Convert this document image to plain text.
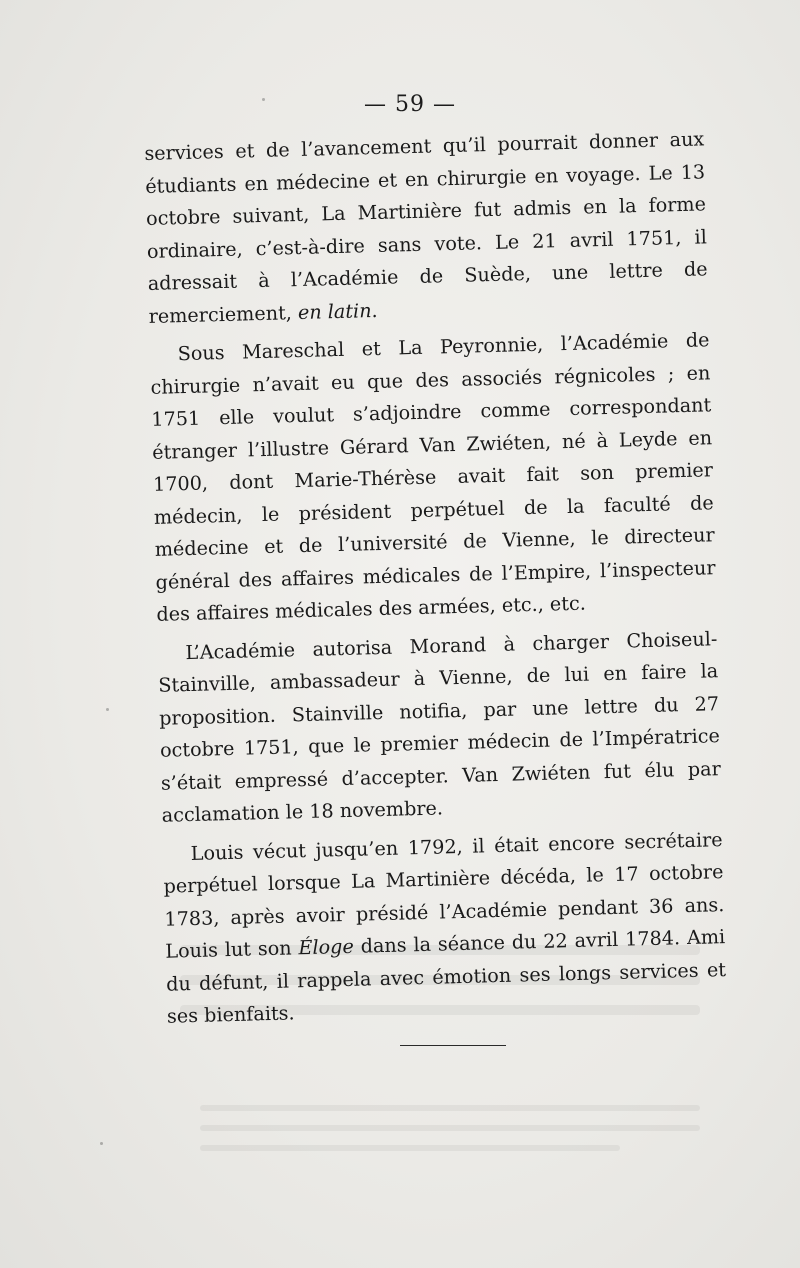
— 59 —

services et de l’avancement qu’il pourrait donner aux étudiants en médecine et en chirurgie en voyage. Le 13 octobre suivant, La Martinière fut admis en la forme ordinaire, c’est-à-dire sans vote. Le 21 avril 1751, il adressait à l’Académie de Suède, une lettre de remerciement, en latin.

Sous Mareschal et La Peyronnie, l’Académie de chirurgie n’avait eu que des associés régnicoles ; en 1751 elle voulut s’adjoindre comme correspondant étranger l’illustre Gérard Van Zwiéten, né à Leyde en 1700, dont Marie-Thérèse avait fait son premier médecin, le président perpétuel de la faculté de médecine et de l’université de Vienne, le directeur général des affaires médicales de l’Empire, l’inspecteur des affaires médicales des armées, etc., etc.

L’Académie autorisa Morand à charger Choiseul-Stainville, ambassadeur à Vienne, de lui en faire la proposition. Stainville notifia, par une lettre du 27 octobre 1751, que le premier médecin de l’Impératrice s’était empressé d’accepter. Van Zwiéten fut élu par acclamation le 18 novembre.

Louis vécut jusqu’en 1792, il était encore secrétaire perpétuel lorsque La Martinière décéda, le 17 octobre 1783, après avoir présidé l’Académie pendant 36 ans. Louis lut son Éloge dans la séance du 22 avril 1784. Ami du défunt, il rappela avec émotion ses longs services et ses bienfaits.
